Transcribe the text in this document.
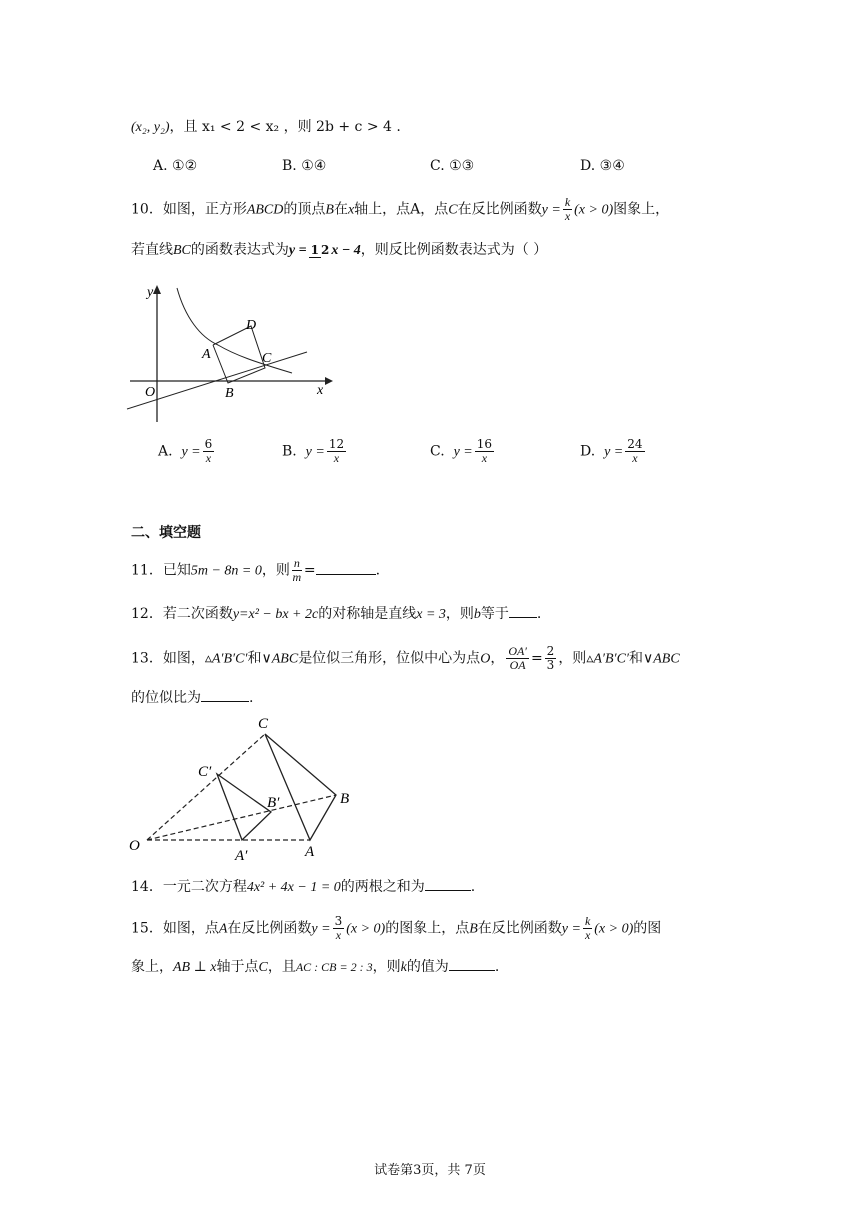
(x₂, y₂)，且 x₁ < 2 < x₂ ，则 2b + c > 4 .
A. ①②	B. ①④	C. ①③	D. ③④
10．如图，正方形ABCD的顶点B在x轴上，点A，点C在反比例函数$y = \frac{k}{x} (x > 0)$图象上，
若直线BC的函数表达式为y = 1 2 x − 4，则反比例函数表达式为（ ）
y
x
O
A
B
C
D
A. $y = \frac{6}{x}$	B. $y = \frac{12}{x}$	C. $y = \frac{16}{x}$	D. $y = \frac{24}{x}$
二、填空题
11．已知5m − 8n = 0，则 $\frac{n}{m}$ =	.
12．若二次函数y=x² − bx + 2c的对称轴是直线x = 3，则b等于 .
13．如图，▵A′B′C′和∨ABC是位似三角形，位似中心为点O， $\frac{OA'}{OA} = \frac{2}{3}$ ，则▵A′B′C′和∨ABC
的位似比为	.
O
C
B
A
C′
B′
A′
14．一元二次方程4x² + 4x − 1 = 0的两根之和为	.
15．如图，点A在反比例函数$y = \frac{3}{x} (x > 0)$的图象上，点B在反比例函数$y = \frac{k}{x} (x > 0)$的图
象上，AB ⊥ x轴于点C，且AC : CB = 2 : 3，则k的值为	.
试卷第3页，共 7页
